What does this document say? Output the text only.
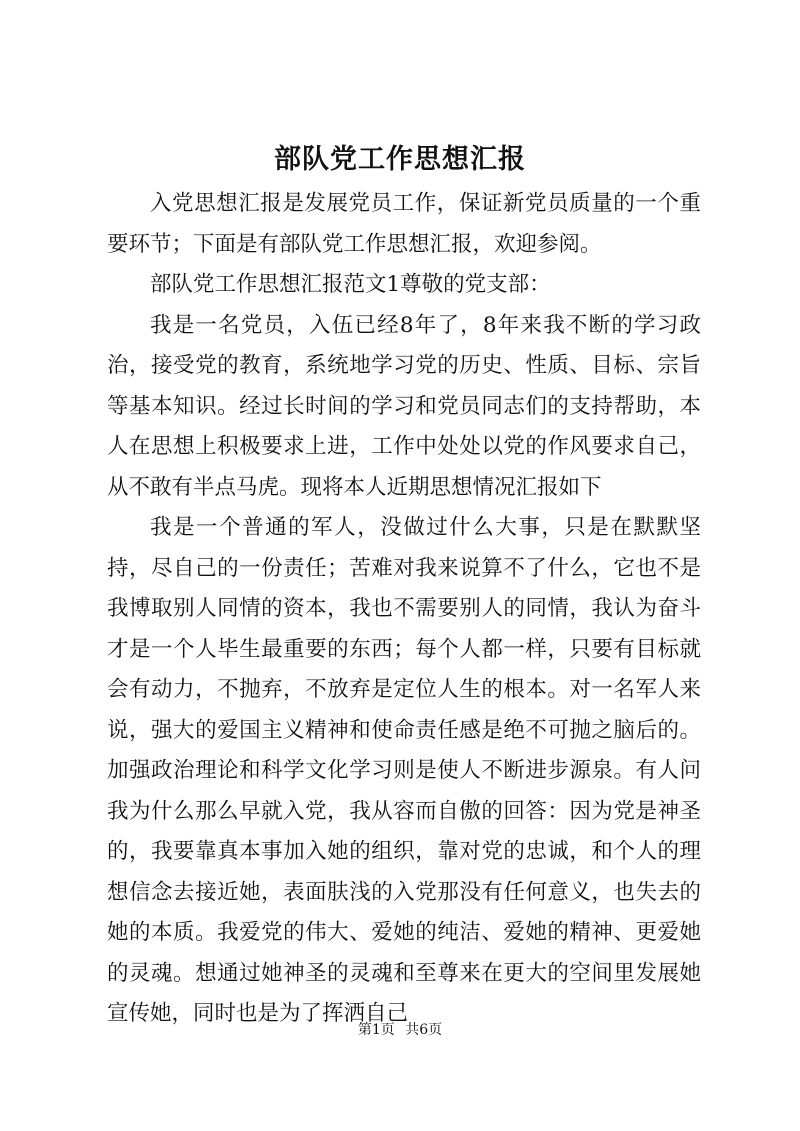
部队党工作思想汇报

入党思想汇报是发展党员工作，保证新党员质量的一个重要环节；下面是有部队党工作思想汇报，欢迎参阅。

部队党工作思想汇报范文1尊敬的党支部：

我是一名党员，入伍已经8年了，8年来我不断的学习政治，接受党的教育，系统地学习党的历史、性质、目标、宗旨等基本知识。经过长时间的学习和党员同志们的支持帮助，本人在思想上积极要求上进，工作中处处以党的作风要求自己，从不敢有半点马虎。现将本人近期思想情况汇报如下

我是一个普通的军人，没做过什么大事，只是在默默坚持，尽自己的一份责任；苦难对我来说算不了什么，它也不是我博取别人同情的资本，我也不需要别人的同情，我认为奋斗才是一个人毕生最重要的东西；每个人都一样，只要有目标就会有动力，不抛弃，不放弃是定位人生的根本。对一名军人来说，强大的爱国主义精神和使命责任感是绝不可抛之脑后的。加强政治理论和科学文化学习则是使人不断进步源泉。有人问我为什么那么早就入党，我从容而自傲的回答：因为党是神圣的，我要靠真本事加入她的组织，靠对党的忠诚，和个人的理想信念去接近她，表面肤浅的入党那没有任何意义，也失去的她的本质。我爱党的伟大、爱她的纯洁、爱她的精神、更爱她的灵魂。想通过她神圣的灵魂和至尊来在更大的空间里发展她宣传她，同时也是为了挥洒自己

第1页 共6页
